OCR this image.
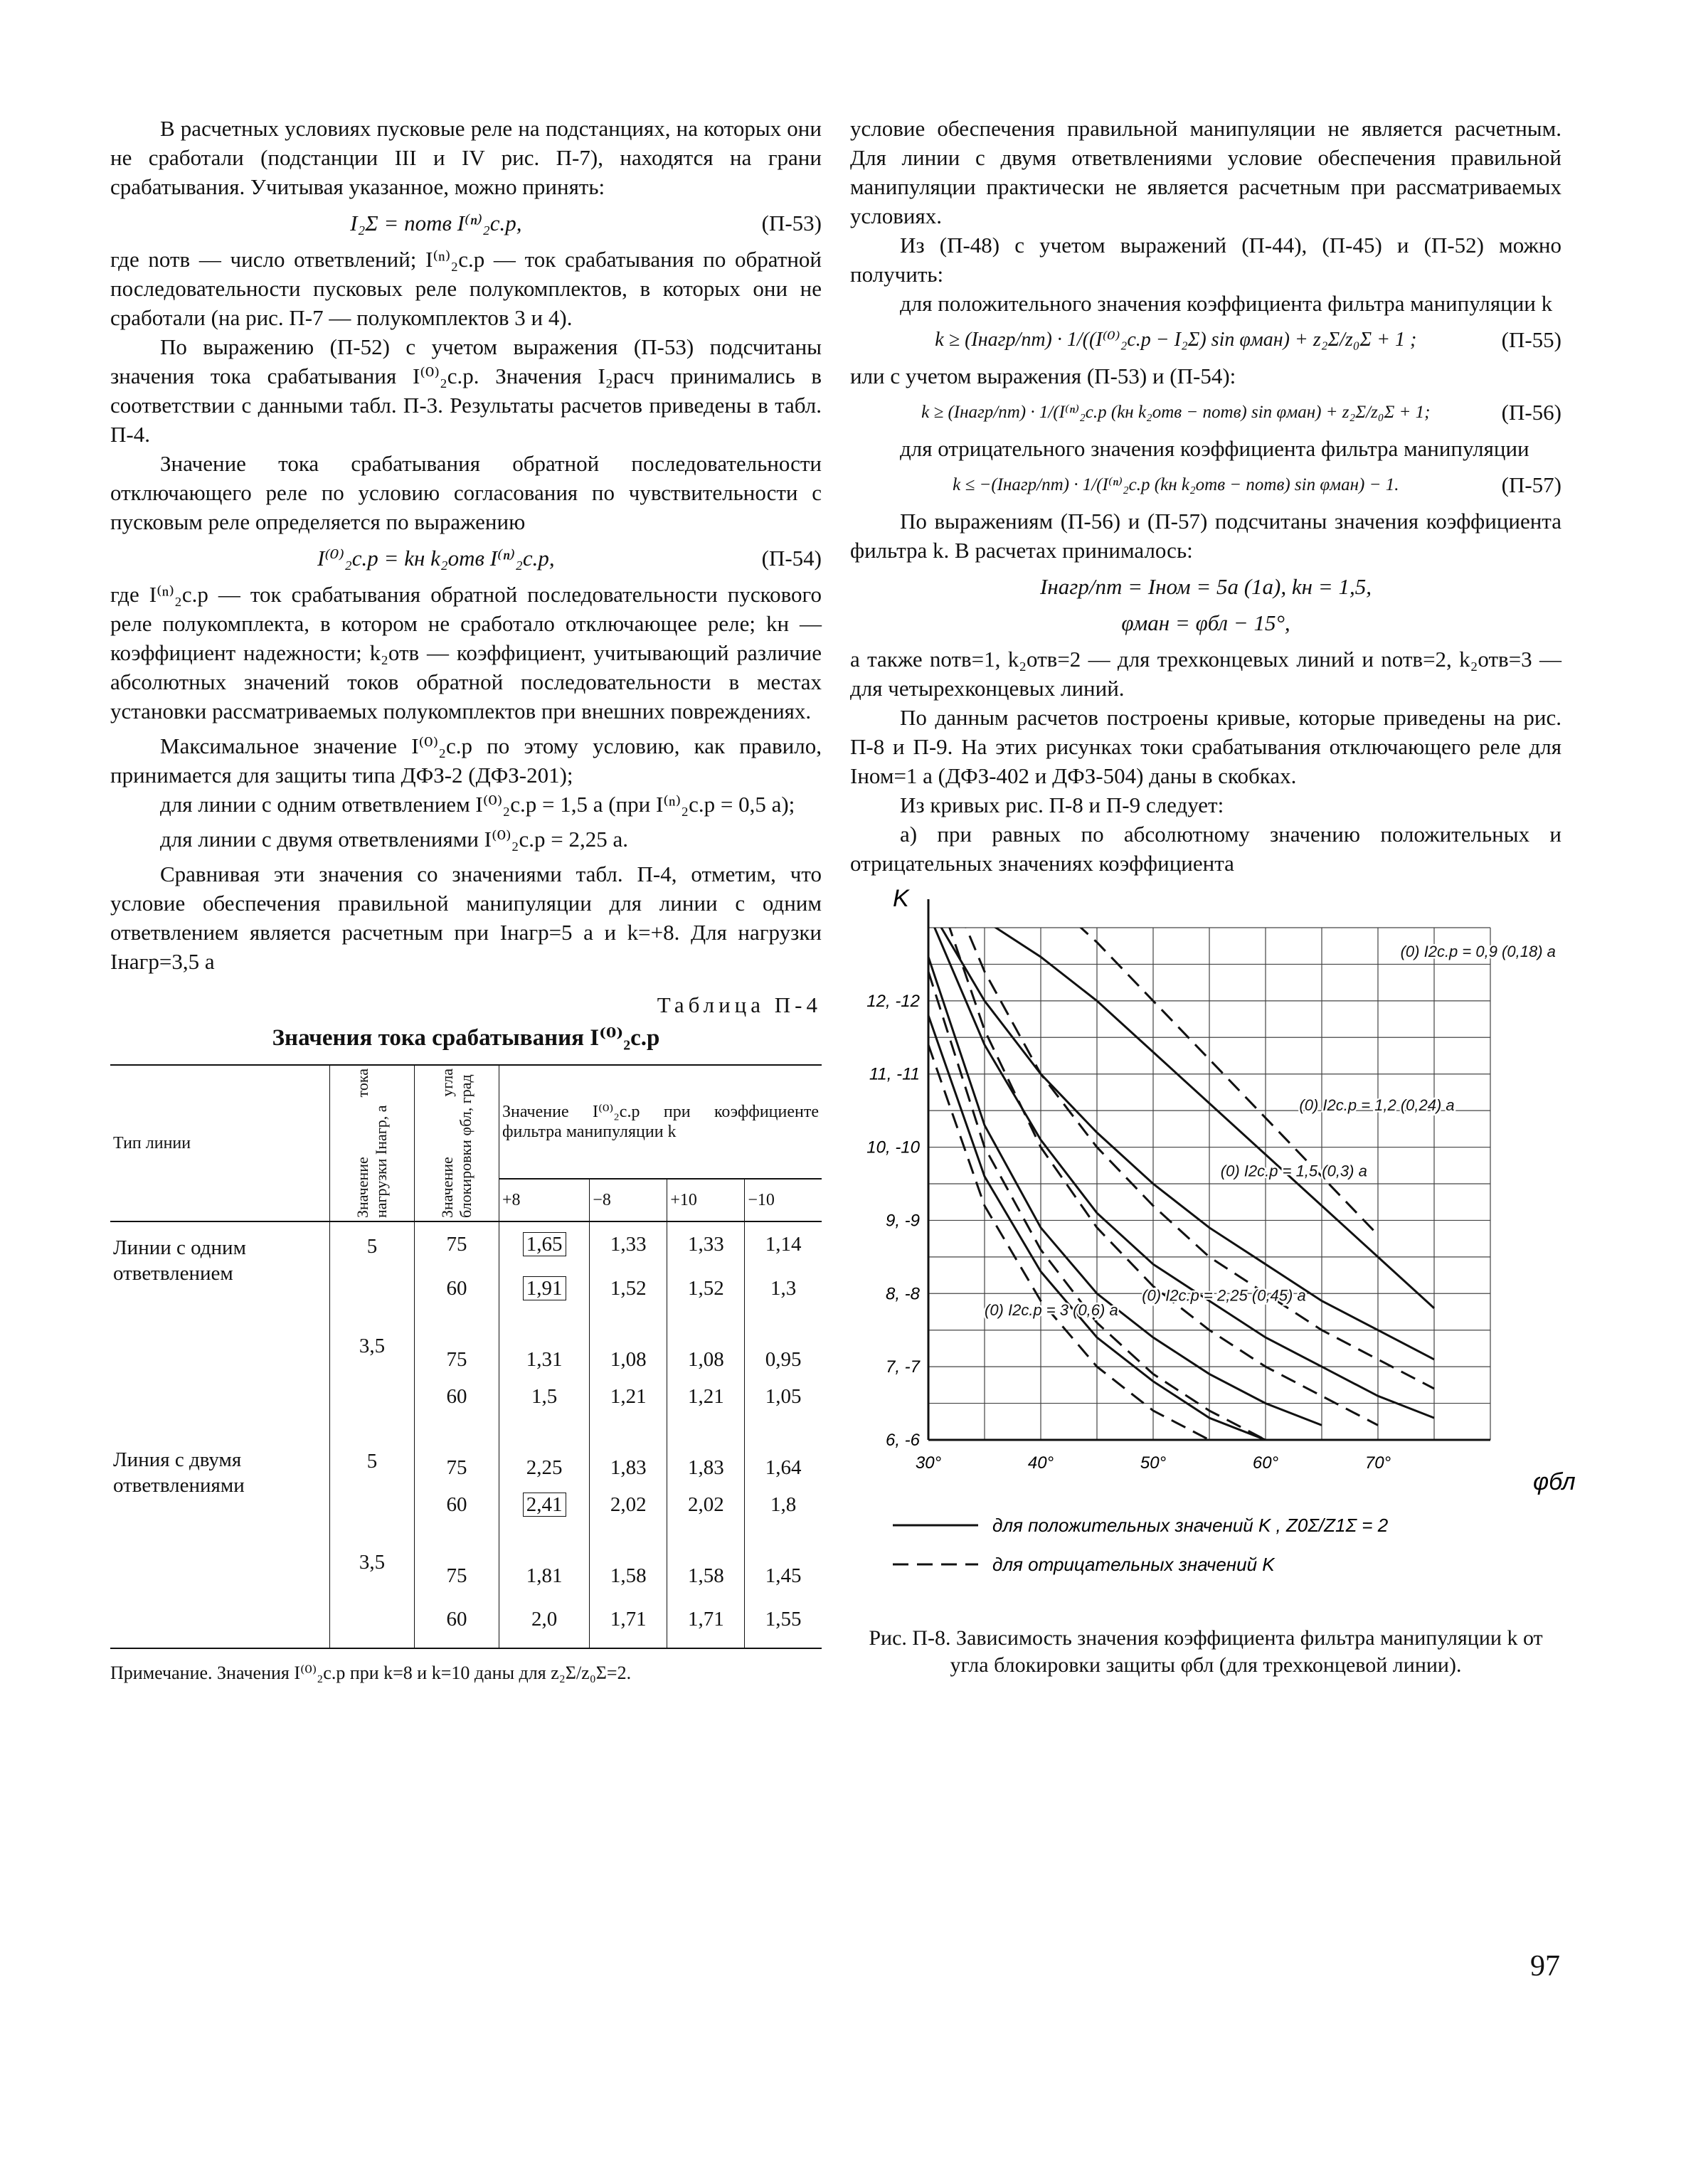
В расчетных условиях пусковые реле на подстанциях, на которых они не сработали (подстанции III и IV рис. П-7), находятся на грани срабатывания. Учитывая указанное, можно принять:

I₂Σ = nотв I⁽ⁿ⁾₂с.р,	(П-53)

где nотв — число ответвлений; I⁽ⁿ⁾₂с.р — ток срабатывания по обратной последовательности пусковых реле полукомплектов, в которых они не сработали (на рис. П-7 — полукомплектов 3 и 4).

По выражению (П-52) с учетом выражения (П-53) подсчитаны значения тока срабатывания I⁽⁰⁾₂с.р. Значения I₂расч принимались в соответствии с данными табл. П-3. Результаты расчетов приведены в табл. П-4.

Значение тока срабатывания обратной последовательности отключающего реле по условию согласования по чувствительности с пусковым реле определяется по выражению

I⁽⁰⁾₂с.р = kн k₂отв I⁽ⁿ⁾₂с.р,	(П-54)

где I⁽ⁿ⁾₂с.р — ток срабатывания обратной последовательности пускового реле полукомплекта, в котором не сработало отключающее реле; kн — коэффициент надежности; k₂отв — коэффициент, учитывающий различие абсолютных значений токов обратной последовательности в местах установки рассматриваемых полукомплектов при внешних повреждениях.

Максимальное значение I⁽⁰⁾₂с.р по этому условию, как правило, принимается для защиты типа ДФЗ-2 (ДФЗ-201);

для линии с одним ответвлением I⁽⁰⁾₂с.р = 1,5 а (при I⁽ⁿ⁾₂с.р = 0,5 а);

для линии с двумя ответвлениями I⁽⁰⁾₂с.р = 2,25 а.

Сравнивая эти значения со значениями табл. П-4, отметим, что условие обеспечения правильной манипуляции для линии с одним ответвлением является расчетным при Iнагр=5 а и k=+8. Для нагрузки Iнагр=3,5 а

Таблица П-4
Значения тока срабатывания I⁽⁰⁾₂с.р
Тип линии	Значение тока нагрузки Iнагр, а	Значение угла блокировки φбл, град	Значение I⁽⁰⁾₂с.р при коэффициенте фильтра манипуляции k			
			+8	−8	+10	−10
Линии с одним ответвлением	5	75	1,65	1,33	1,33	1,14
		60	1,91	1,52	1,52	1,3
	3,5	75	1,31	1,08	1,08	0,95
		60	1,5	1,21	1,21	1,05
Линия с двумя ответвлениями	5	75	2,25	1,83	1,83	1,64
		60	2,41	2,02	2,02	1,8
	3,5	75	1,81	1,58	1,58	1,45
		60	2,0	1,71	1,71	1,55
Примечание. Значения I⁽⁰⁾₂с.р при k=8 и k=10 даны для z₂Σ/z₀Σ=2.

условие обеспечения правильной манипуляции не является расчетным. Для линии с двумя ответвлениями условие обеспечения правильной манипуляции практически не является расчетным при рассматриваемых условиях.

Из (П-48) с учетом выражений (П-44), (П-45) и (П-52) можно получить:

для положительного значения коэффициента фильтра манипуляции k

k ≥ (Iнагр/nт) · 1/((I⁽⁰⁾₂с.р − I₂Σ) sin φман) + z₂Σ/z₀Σ + 1 ;	(П-55)

или с учетом выражения (П-53) и (П-54):

k ≥ (Iнагр/nт) · 1/(I⁽ⁿ⁾₂с.р (kн k₂отв − nотв) sin φман) + z₂Σ/z₀Σ + 1;	(П-56)

для отрицательного значения коэффициента фильтра манипуляции

k ≤ −(Iнагр/nт) · 1/(I⁽ⁿ⁾₂с.р (kн k₂отв − nотв) sin φман) − 1.	(П-57)

По выражениям (П-56) и (П-57) подсчитаны значения коэффициента фильтра k. В расчетах принималось:

Iнагр/nт = Iном = 5а (1а), kн = 1,5,
φман = φбл − 15°,

а также nотв=1, k₂отв=2 — для трехконцевых линий и nотв=2, k₂отв=3 — для четырехконцевых линий.

По данным расчетов построены кривые, которые приведены на рис. П-8 и П-9. На этих рисунках токи срабатывания отключающего реле для Iном=1 а (ДФЗ-402 и ДФЗ-504) даны в скобках.

Из кривых рис. П-8 и П-9 следует:

а) при равных по абсолютному значению положительных и отрицательных значениях коэффициента

K
φбл
30°	40°	50°	60°	70°
6, -6
7, -7
8, -8
9, -9
10, -10
11, -11
12, -12
(0) I2c.p = 0,9 (0,18) a
(0) I2c.p = 1,2 (0,24) a
(0) I2c.p = 1,5 (0,3) a
(0) I2c.p = 2,25 (0,45) a
(0) I2c.p = 3 (0,6) a
для положительных значений K , Z0Σ/Z1Σ = 2
для отрицательных значений K
Рис. П-8. Зависимость значения коэффициента фильтра манипуляции k от угла блокировки защиты φбл (для трехконцевой линии).
97
